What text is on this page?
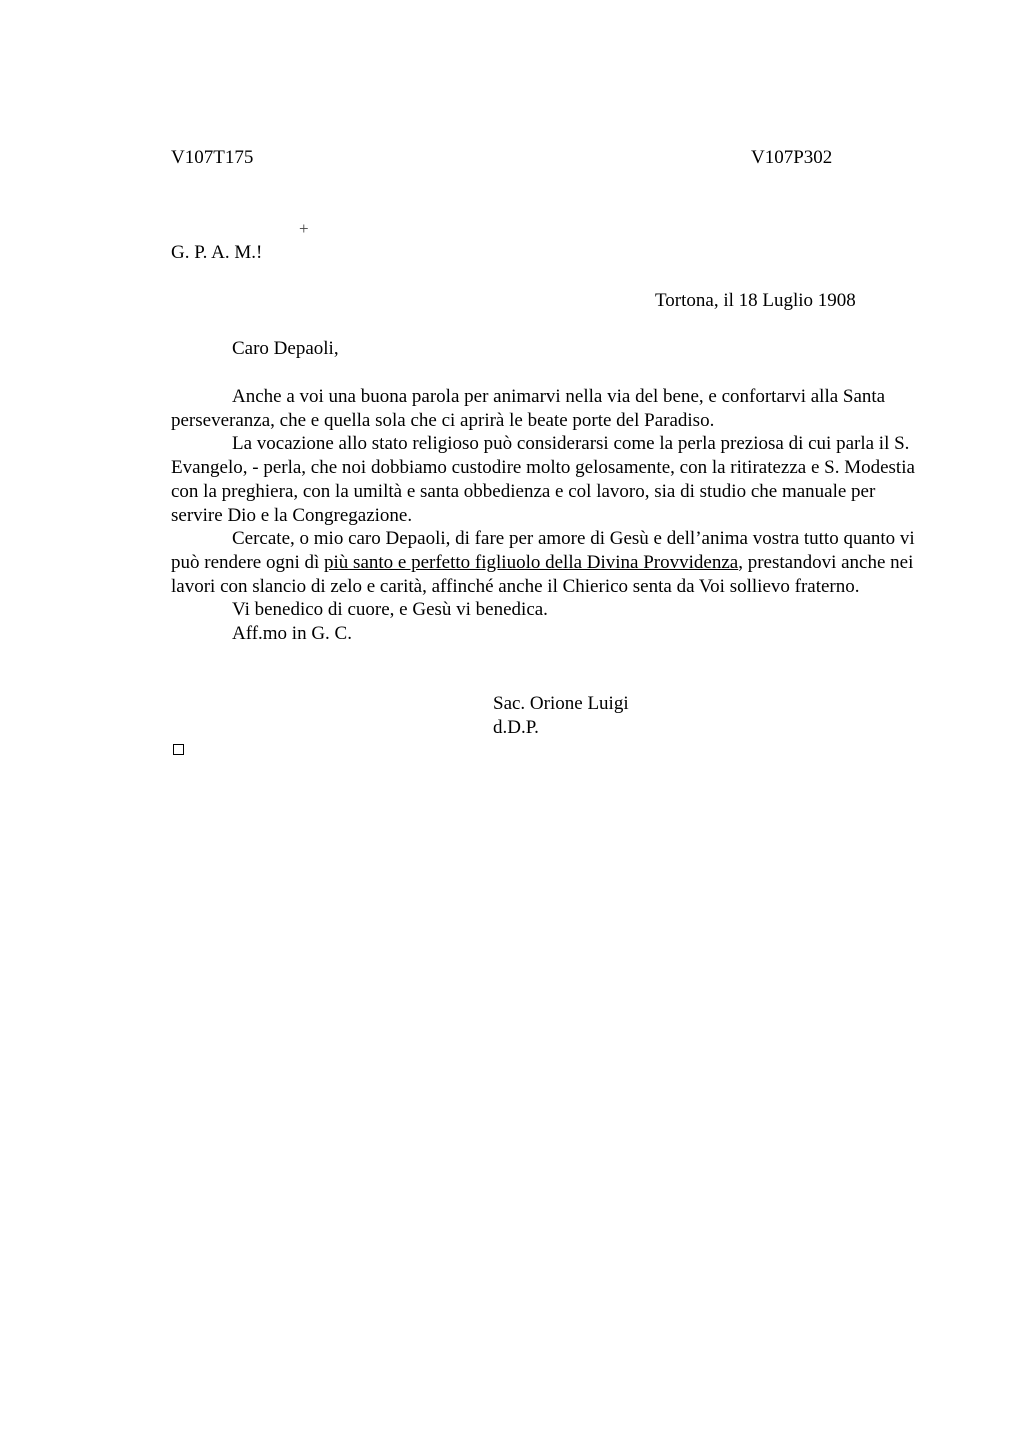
V107T175	V107P302
+
G. P. A. M.!
Tortona, il 18 Luglio 1908
Caro Depaoli,

Anche a voi una buona parola per animarvi nella via del bene, e confortarvi alla Santa perseveranza, che e quella sola che ci aprirà le beate porte del Paradiso.

La vocazione allo stato religioso può considerarsi come la perla preziosa di cui parla il S. Evangelo, - perla, che noi dobbiamo custodire molto gelosamente, con la ritiratezza e S. Modestia con la preghiera, con la umiltà e santa obbedienza e col lavoro, sia di studio che manuale per servire Dio e la Congregazione.

Cercate, o mio caro Depaoli, di fare per amore di Gesù e dell’anima vostra tutto quanto vi può rendere ogni dì più santo e perfetto figliuolo della Divina Provvidenza, prestandovi anche nei lavori con slancio di zelo e carità, affinché anche il Chierico senta da Voi sollievo fraterno.

Vi benedico di cuore, e Gesù vi benedica.

Aff.mo in G. C.

Sac. Orione Luigi
d.D.P.
